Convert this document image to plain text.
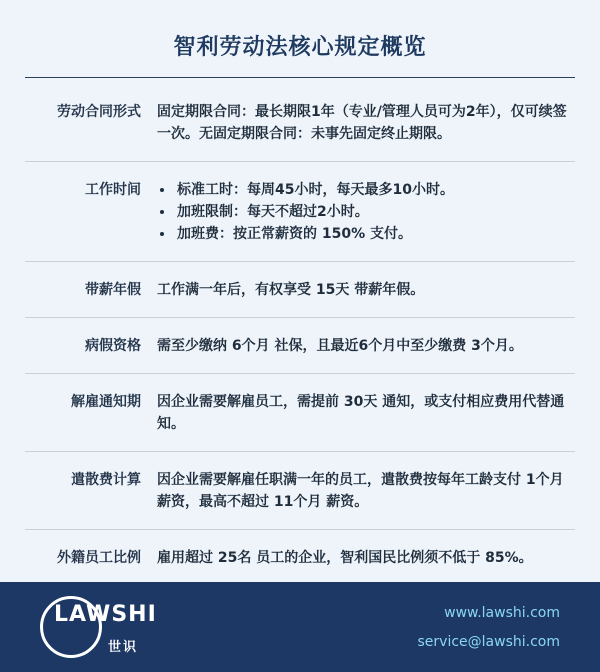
智利劳动法核心规定概览
劳动合同形式 固定期限合同：最长期限1年（专业/管理人员可为2年），仅可续签一次。无固定期限合同：未事先固定终止期限。
工作时间
•	标准工时：每周45小时，每天最多10小时。
• 加班限制：每天不超过2小时。
• 加班费：按正常薪资的 150% 支付。
带薪年假 工作满一年后，有权享受 15天 带薪年假。
病假资格 需至少缴纳 6个月 社保，且最近6个月中至少缴费 3个月。
解雇通知期 因企业需要解雇员工，需提前 30天 通知，或支付相应费用代替通知。
遣散费计算 因企业需要解雇任职满一年的员工，遣散费按每年工龄支付 1个月 薪资，最高不超过 11个月 薪资。
外籍员工比例 雇用超过 25名 员工的企业，智利国民比例须不低于 85%。
LAWSHI
世识
www.lawshi.com
service@lawshi.com
